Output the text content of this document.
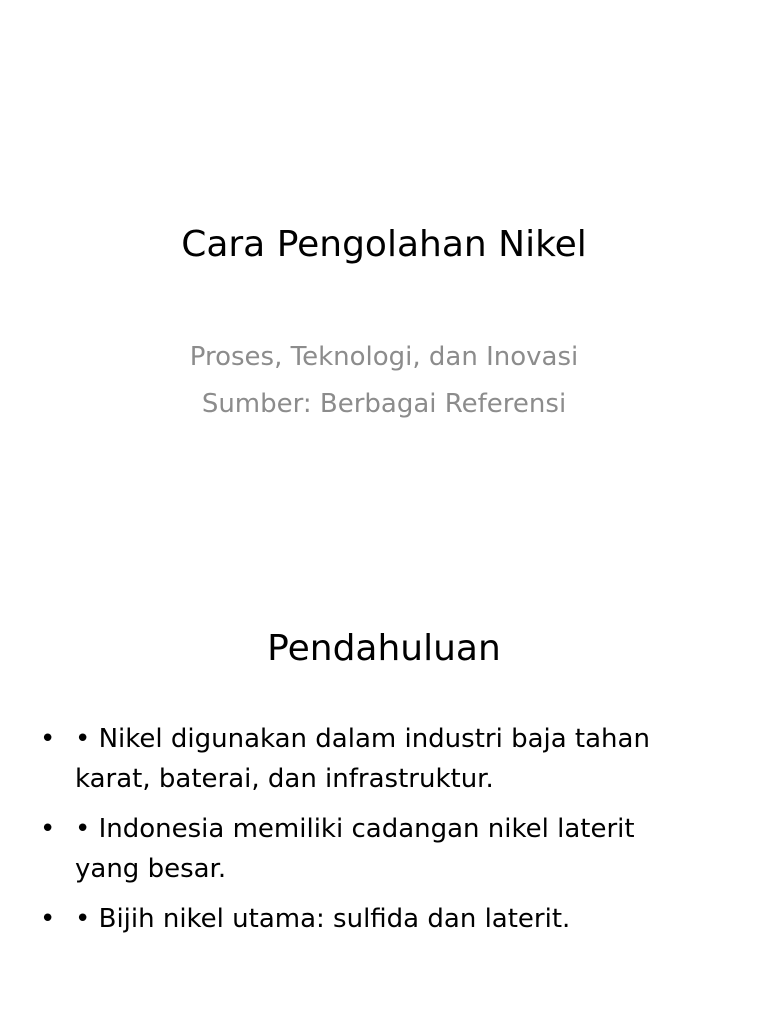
Cara Pengolahan Nikel
Proses, Teknologi, dan Inovasi
Sumber: Berbagai Referensi
Pendahuluan
• • Nikel digunakan dalam industri baja tahan karat, baterai, dan infrastruktur.
• • Indonesia memiliki cadangan nikel laterit yang besar.
• • Bijih nikel utama: sulfida dan laterit.
